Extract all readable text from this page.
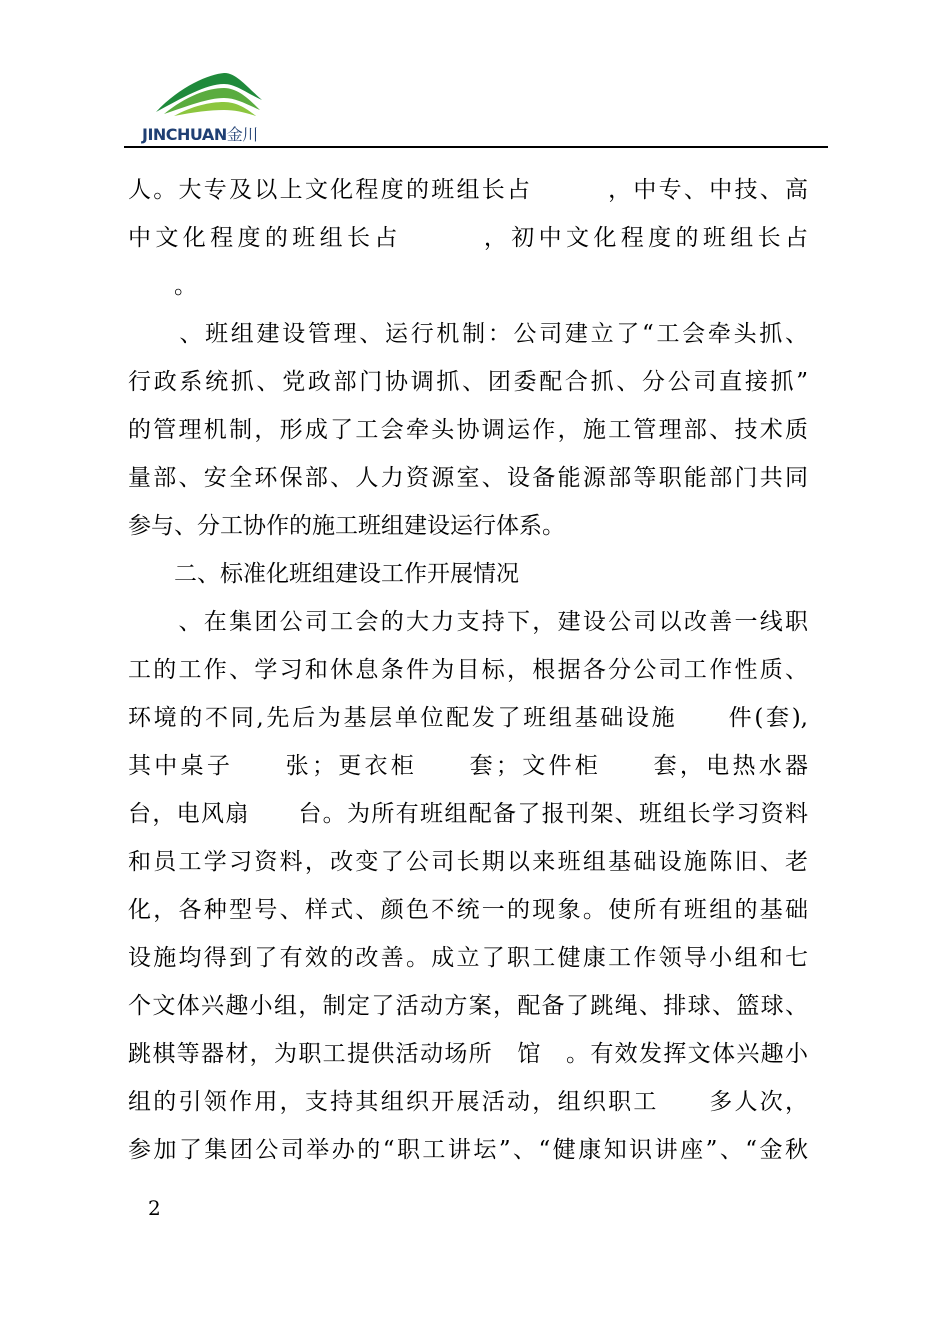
JINCHUAN金川
人。大专及以上文化程度的班组长占　　　，中专、中技、高
中文化程度的班组长占　　　，初中文化程度的班组长占
　　。
　　、班组建设管理、运行机制：公司建立了“工会牵头抓、
行政系统抓、党政部门协调抓、团委配合抓、分公司直接抓”
的管理机制，形成了工会牵头协调运作，施工管理部、技术质
量部、安全环保部、人力资源室、设备能源部等职能部门共同
参与、分工协作的施工班组建设运行体系。
　　二、标准化班组建设工作开展情况
　　、在集团公司工会的大力支持下，建设公司以改善一线职
工的工作、学习和休息条件为目标，根据各分公司工作性质、
环境的不同,先后为基层单位配发了班组基础设施　　件(套),
其中桌子　　张；更衣柜　　套；文件柜　　套，电热水器
台，电风扇　　台。为所有班组配备了报刊架、班组长学习资料
和员工学习资料，改变了公司长期以来班组基础设施陈旧、老
化，各种型号、样式、颜色不统一的现象。使所有班组的基础
设施均得到了有效的改善。成立了职工健康工作领导小组和七
个文体兴趣小组，制定了活动方案，配备了跳绳、排球、篮球、
跳棋等器材，为职工提供活动场所　馆　。有效发挥文体兴趣小
组的引领作用，支持其组织开展活动，组织职工　　多人次，
参加了集团公司举办的“职工讲坛”、“健康知识讲座”、“金秋
　2　
